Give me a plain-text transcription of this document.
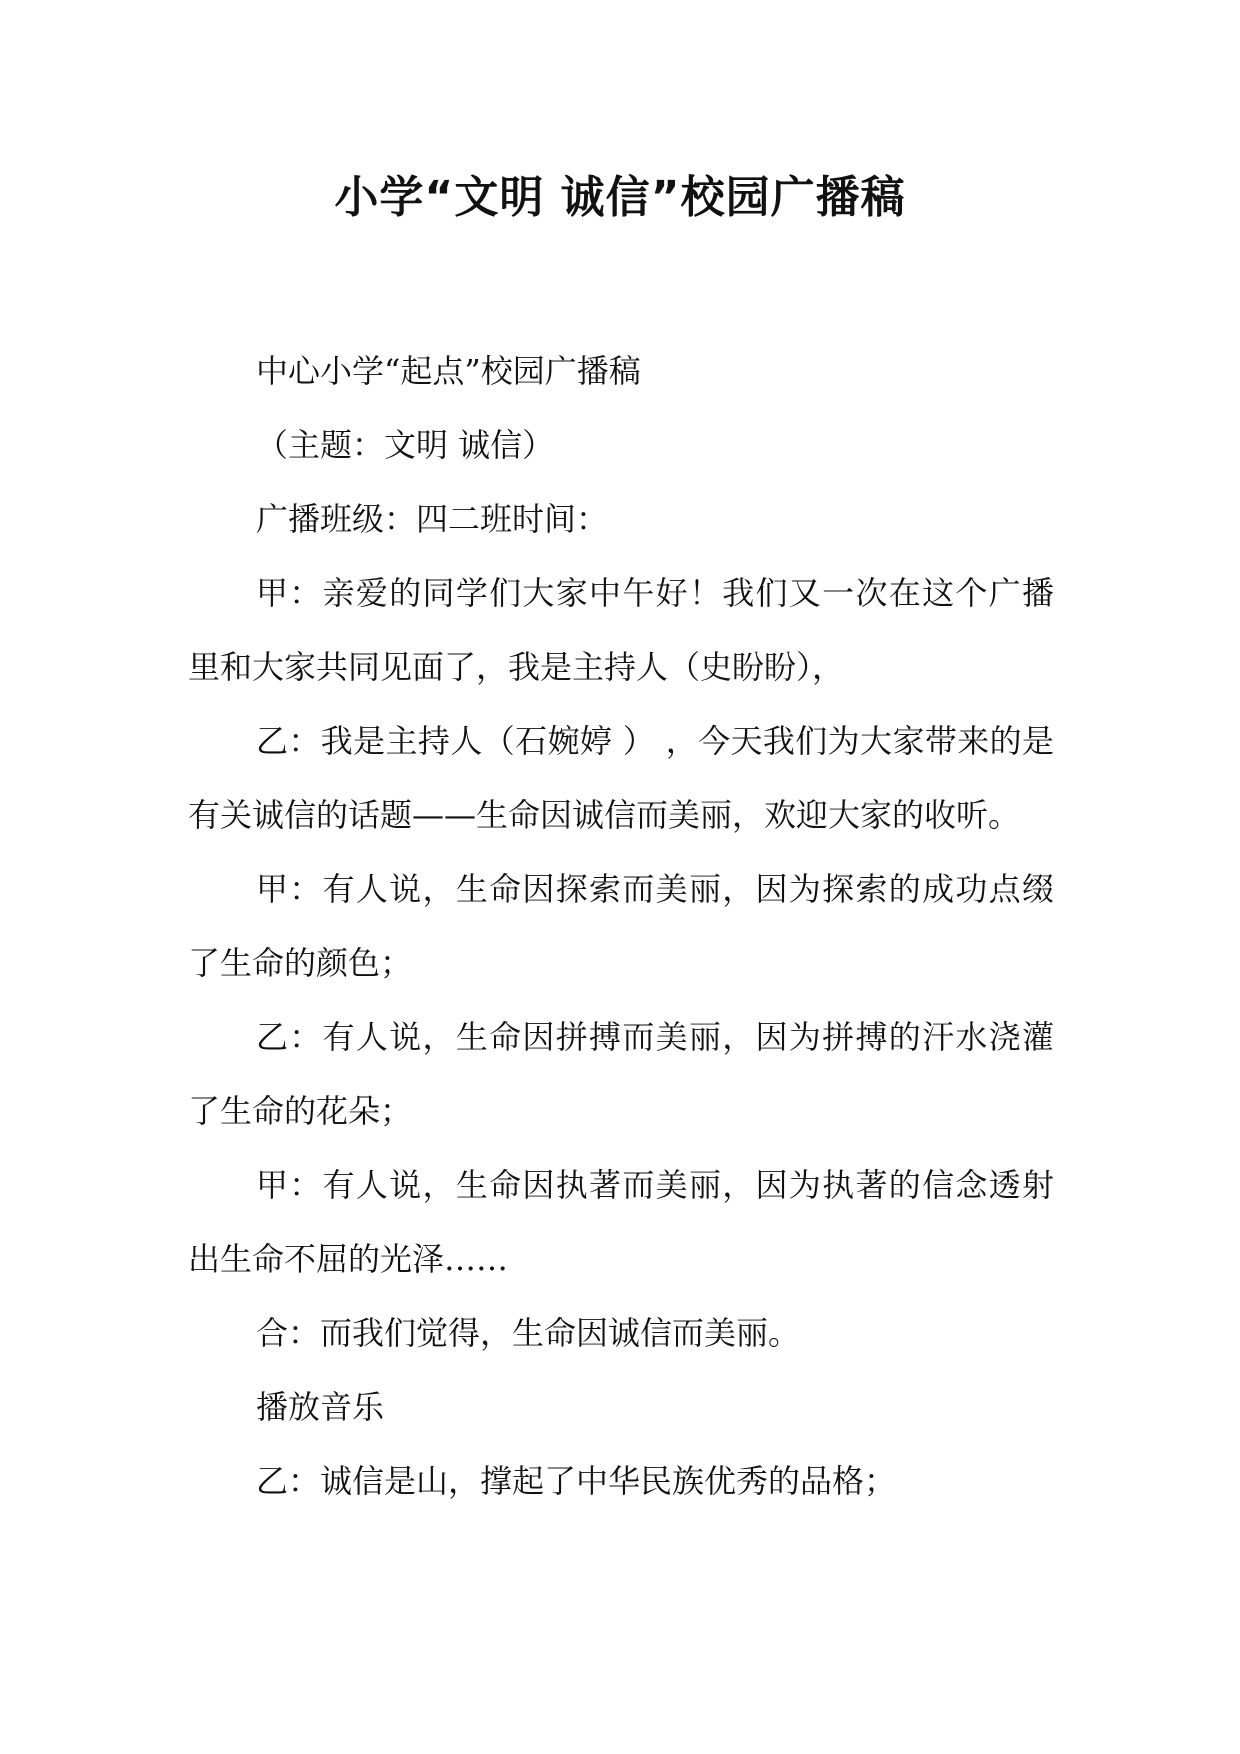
小学“文明 诚信”校园广播稿

中心小学“起点”校园广播稿

（主题：文明 诚信）

广播班级：四二班时间：

甲：亲爱的同学们大家中午好！我们又一次在这个广播里和大家共同见面了，我是主持人（史盼盼），

乙：我是主持人（石婉婷 ） ，今天我们为大家带来的是有关诚信的话题——生命因诚信而美丽，欢迎大家的收听。

甲：有人说，生命因探索而美丽，因为探索的成功点缀了生命的颜色；

乙：有人说，生命因拼搏而美丽，因为拼搏的汗水浇灌了生命的花朵；

甲：有人说，生命因执著而美丽，因为执著的信念透射出生命不屈的光泽……

合：而我们觉得，生命因诚信而美丽。

播放音乐

乙：诚信是山，撑起了中华民族优秀的品格；
